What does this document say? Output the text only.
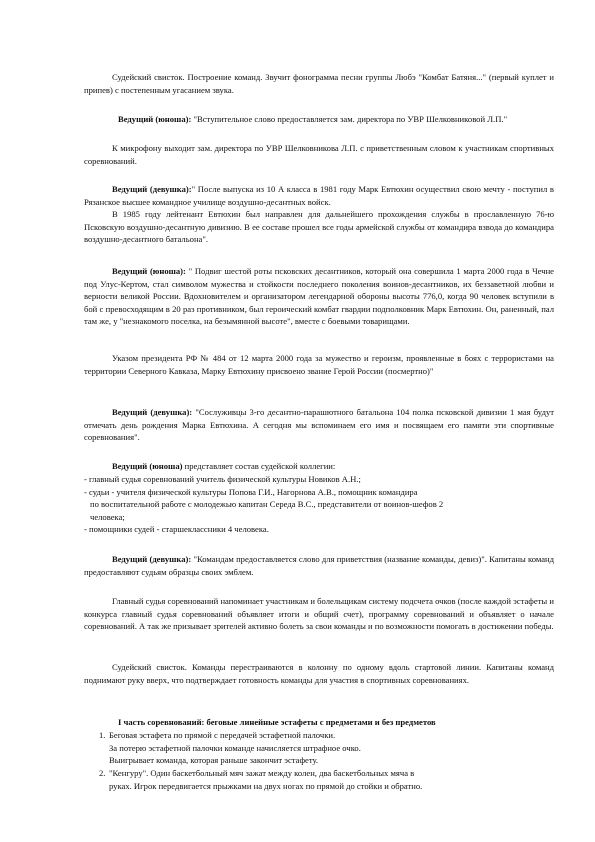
Судейский свисток. Построение команд. Звучит фонограмма песни группы Любэ "Комбат Батяня..." (первый куплет и припев) с постепенным угасанием звука.

Ведущий (юноша): "Вступительное слово предоставляется зам. директора по УВР Шелковниковой Л.П."

К микрофону выходит зам. директора по УВР Шелковникова Л.П. с приветственным словом к участникам спортивных соревнований.

Ведущий (девушка):" После выпуска из 10 А класса в 1981 году Марк Евтюхин осуществил свою мечту - поступил в Рязанское высшее командное училище воздушно-десантных войск.

В 1985 году лейтенант Евтюхин был направлен для дальнейшего прохождения службы в прославленную 76-ю Псковскую воздушно-десантную дивизию. В ее составе прошел все годы армейской службы от командира взвода до командира воздушно-десантного батальона".

Ведущий (юноша): " Подвиг шестой роты псковских десантников, который она совершила 1 марта 2000 года в Чечне под Улус-Кертом, стал символом мужества и стойкости последнего поколения воинов-десантников, их беззаветной любви и верности великой России. Вдохновителем и организатором легендарной обороны высоты 776,0, когда 90 человек вступили в бой с превосходящим в 20 раз противником, был героический комбат гвардии подполковник Марк Евтюхин. Он, раненный, пал там же, у "незнакомого поселка, на безымянной высоте", вместе с боевыми товарищами.

Указом президента РФ № 484 от 12 марта 2000 года за мужество и героизм, проявленные в боях с террористами на территории Северного Кавказа, Марку Евтюхину присвоено звание Герой России (посмертно)"

Ведущий (девушка): "Сослуживцы 3-го десантно-парашютного батальона 104 полка псковской дивизии 1 мая будут отмечать день рождения Марка Евтюхина. А сегодня мы вспоминаем его имя и посвящаем его памяти эти спортивные соревнования".

Ведущий (юноша) представляет состав судейской коллегии:

- главный судья соревнований учитель физической культуры Новиков А.Н.;
- судьи - учителя физической культуры Попова Г.И., Нагорнова А.В., помощник командира
по воспитательной работе с молодежью капитан Середа В.С., представители от воинов-шефов 2
человека;
- помощники судей - старшеклассники 4 человека.

Ведущий (девушка): "Командам предоставляется слово для приветствия (название команды, девиз)". Капитаны команд предоставляют судьям образцы своих эмблем.

Главный судья соревнований напоминает участникам и болельщикам систему подсчета очков (после каждой эстафеты и конкурса главный судья соревнований объявляет итоги и общий счет), программу соревнований и объявляет о начале соревнований. А так же призывает зрителей активно болеть за свои команды и по возможности помогать в достижении победы.

Судейский свисток. Команды перестраиваются в колонну по одному вдоль стартовой линии. Капитаны команд поднимают руку вверх, что подтверждает готовность команды для участия в спортивных соревнованиях.

I часть соревнований: беговые линейные эстафеты с предметами и без предметов

1. Беговая эстафета по прямой с передачей эстафетной палочки.
За потерю эстафетной палочки команде начисляется штрафное очко.
Выигрывает команда, которая раньше закончит эстафету.
2. "Кенгуру". Один баскетбольный мяч зажат между колен, два баскетбольных мяча в
руках. Игрок передвигается прыжками на двух ногах по прямой до стойки и обратно.
